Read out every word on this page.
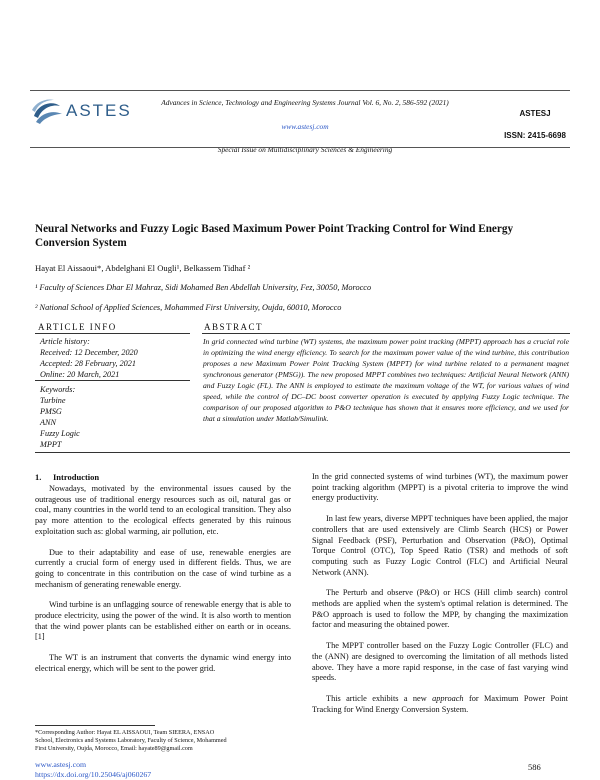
ASTES	Advances in Science, Technology and Engineering Systems Journal Vol. 6, No. 2, 586-592 (2021)
www.astesj.com
Special Issue on Multidisciplinary Sciences & Engineering
ASTESJ
ISSN: 2415-6698
Neural Networks and Fuzzy Logic Based Maximum Power Point Tracking Control for Wind Energy Conversion System
Hayat El Aissaoui*, Abdelghani El Ougli¹, Belkassem Tidhaf ²
¹ Faculty of Sciences Dhar El Mahraz, Sidi Mohamed Ben Abdellah University, Fez, 30050, Morocco
² National School of Applied Sciences, Mohammed First University, Oujda, 60010, Morocco
ARTICLE INFO	ABSTRACT
Article history:
Received: 12 December, 2020
Accepted: 28 February, 2021
Online: 20 March, 2021
Keywords:
Turbine
PMSG
ANN
Fuzzy Logic
MPPT
In grid connected wind turbine (WT) systems, the maximum power point tracking (MPPT) approach has a crucial role in optimizing the wind energy efficiency. To search for the maximum power value of the wind turbine, this contribution proposes a new Maximum Power Point Tracking System (MPPT) for wind turbine related to a permanent magnet synchronous generator (PMSG)). The new proposed MPPT combines two techniques: Artificial Neural Network (ANN) and Fuzzy Logic (FL). The ANN is employed to estimate the maximum voltage of the WT, for various values of wind speed, while the control of DC–DC boost converter operation is executed by applying Fuzzy Logic technique. The comparison of our proposed algorithm to P&O technique has shown that it ensures more efficiency, and we used for that a simulation under Matlab/Simulink.
1. Introduction

Nowadays, motivated by the environmental issues caused by the outrageous use of traditional energy resources such as oil, natural gas or coal, many countries in the world tend to an ecological transition. They also pay more attention to the ecological effects generated by this ruinous exploitation such as: global warming, air pollution, etc.

Due to their adaptability and ease of use, renewable energies are currently a crucial form of energy used in different fields. Thus, we are going to concentrate in this contribution on the case of wind turbine as a mechanism of generating renewable energy.

Wind turbine is an unflagging source of renewable energy that is able to produce electricity, using the power of the wind. It is also worth to mention that the wind power plants can be established either on earth or in oceans. [1]

The WT is an instrument that converts the dynamic wind energy into electrical energy, which will be sent to the power grid.

In the grid connected systems of wind turbines (WT), the maximum power point tracking algorithm (MPPT) is a pivotal criteria to improve the wind energy productivity.

In last few years, diverse MPPT techniques have been applied, the major controllers that are used extensively are Climb Search (HCS) or Power Signal Feedback (PSF), Perturbation and Observation (P&O), Optimal Torque Control (OTC), Top Speed Ratio (TSR) and methods of soft computing such as Fuzzy Logic Control (FLC) and Artificial Neural Network (ANN).

The Perturb and observe (P&O) or HCS (Hill climb search) control methods are applied when the system's optimal relation is determined. The P&O approach is used to follow the MPP, by changing the maximization factor and measuring the obtained power.

The MPPT controller based on the Fuzzy Logic Controller (FLC) and the (ANN) are designed to overcoming the limitation of all methods listed above. They have a more rapid response, in the case of fast varying wind speeds.

This article exhibits a new approach for Maximum Power Point Tracking for Wind Energy Conversion System.

*Corresponding Author: Hayat EL AISSAOUI, Team SIEERA, ENSAO
School, Electronics and Systems Laboratory, Faculty of Science, Mohammed
First University, Oujda, Morocco, Email: hayate89@gmail.com
www.astesj.com
https://dx.doi.org/10.25046/aj060267
586
